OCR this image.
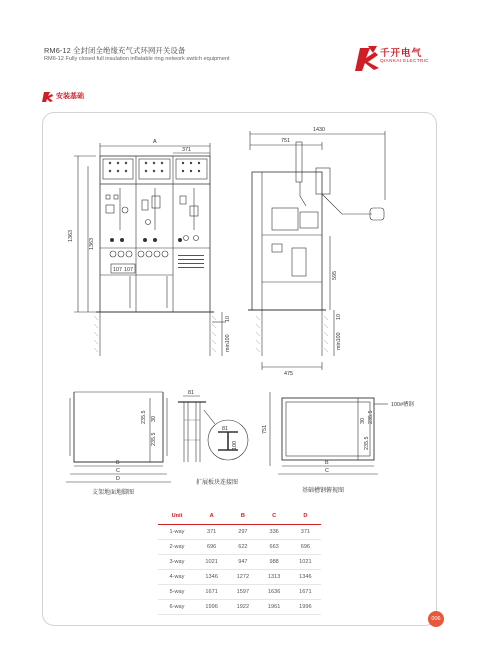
RM6-12 全封闭全绝缘充气式环网开关设备
RM6-12 Fully closed full insulation inflatable ring network switch equipment	千开电气
QIANKAI ELECTRIC
安装基础
A
371
1363
1363
107 107
10
min100
1430
751
595
10
min100
475
30
235.5
235.5
B
C
D
支架地面地脚图
81
81
100
扩展板块连接图
751
30 235.5
235.5
100#槽钢
B
C
基础槽钢俯视图
Unit	A	B	C	D
1-way	371	297	336	371
2-way	696	622	663	696
3-way	1021	947	988	1021
4-way	1346	1272	1313	1346
5-way	1671	1597	1636	1671
6-way	1996	1922	1961	1996
006
